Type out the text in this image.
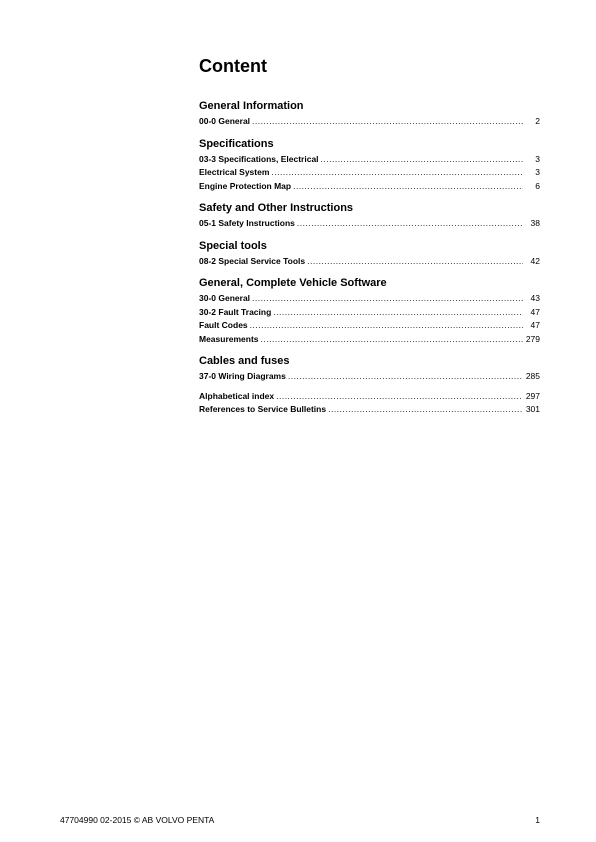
Content
General Information
00-0 General .....	2
Specifications
03-3 Specifications, Electrical .....	3
Electrical System .....	3
Engine Protection Map .....	6
Safety and Other Instructions
05-1 Safety Instructions .....	38
Special tools
08-2 Special Service Tools .....	42
General, Complete Vehicle Software
30-0 General .....	43
30-2 Fault Tracing .....	47
Fault Codes .....	47
Measurements .....	279
Cables and fuses
37-0 Wiring Diagrams .....	285
Alphabetical index .....	297
References to Service Bulletins .....	301
47704990 02-2015 © AB VOLVO PENTA	1
